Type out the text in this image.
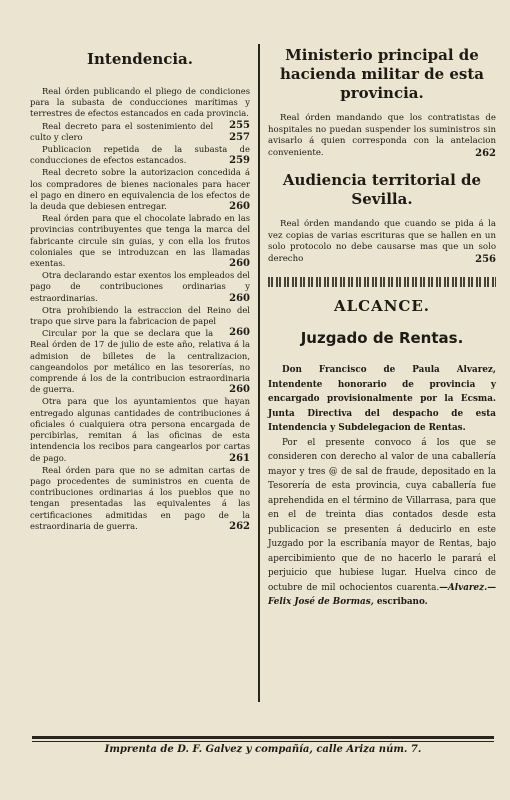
Intendencia.
Real órden publicando el pliego de condiciones para la subasta de conducciones marítimas y terrestres de efectos estancados en cada provincia.
255
Real decreto para el sostenimiento del culto y clero	257
Publicacion repetida de la subasta de conducciones de efectos estancados.	259
Real decreto sobre la autorizacion concedida á los compradores de bienes nacionales para hacer el pago en dinero en equivalencia de los efectos de la deuda que debiesen entregar.	260
Real órden para que el chocolate labrado en las provincias contribuyentes que tenga la marca del fabricante circule sin guias, y con ella los frutos coloniales que se introduzcan en las llamadas exentas.	260
Otra declarando estar exentos los empleados del pago de contribuciones ordinarias y estraordinarias.	260
Otra prohibiendo la estraccion del Reino del trapo que sirve para la fabricacion de papel
260
Circular por la que se declara que la Real órden de 17 de julio de este año, relativa á la admision de billetes de la centralizacion, cangeandolos por metálico en las tesorerías, no comprende á los de la contribucion estraordinaria de guerra.	260
Otra para que los ayuntamientos que hayan entregado algunas cantidades de contribuciones á oficiales ó cualquiera otra persona encargada de percibirlas, remitan á las oficinas de esta intendencia los recibos para cangearlos por cartas de pago.	261
Real órden para que no se admitan cartas de pago procedentes de suministros en cuenta de contribuciones ordinarias á los pueblos que no tengan presentadas las equivalentes á las certificaciones admitidas en pago de la estraordinaria de guerra.	262
Ministerio principal de hacienda militar de esta provincia.

Real órden mandando que los contratistas de hospitales no puedan suspender los suministros sin avisarlo á quien corresponda con la antelacion conveniente.	262

Audiencia territorial de Sevilla.

Real órden mandando que cuando se pida á la vez copias de varias escrituras que se hallen en un solo protocolo no debe causarse mas que un solo derecho	256

ALCANCE.
Juzgado de Rentas.

Don Francisco de Paula Alvarez, Intendente honorario de provincia y encargado provisionalmente por la Ecsma. Junta Directiva del despacho de esta Intendencia y Subdelegacion de Rentas.

Por el presente convoco á los que se consideren con derecho al valor de una caballería mayor y tres @ de sal de fraude, depositado en la Tesorería de esta provincia, cuya caballería fue aprehendida en el término de Villarrasa, para que en el de treinta dias contados desde esta publicacion se presenten á deducirlo en este Juzgado por la escribanía mayor de Rentas, bajo apercibimiento que de no hacerlo le parará el perjuicio que hubiese lugar. Huelva cinco de octubre de mil ochocientos cuarenta.—Alvarez.—Felix José de Bormas, escribano.

Imprenta de D. F. Galvez y compañía, calle Ariza núm. 7.
